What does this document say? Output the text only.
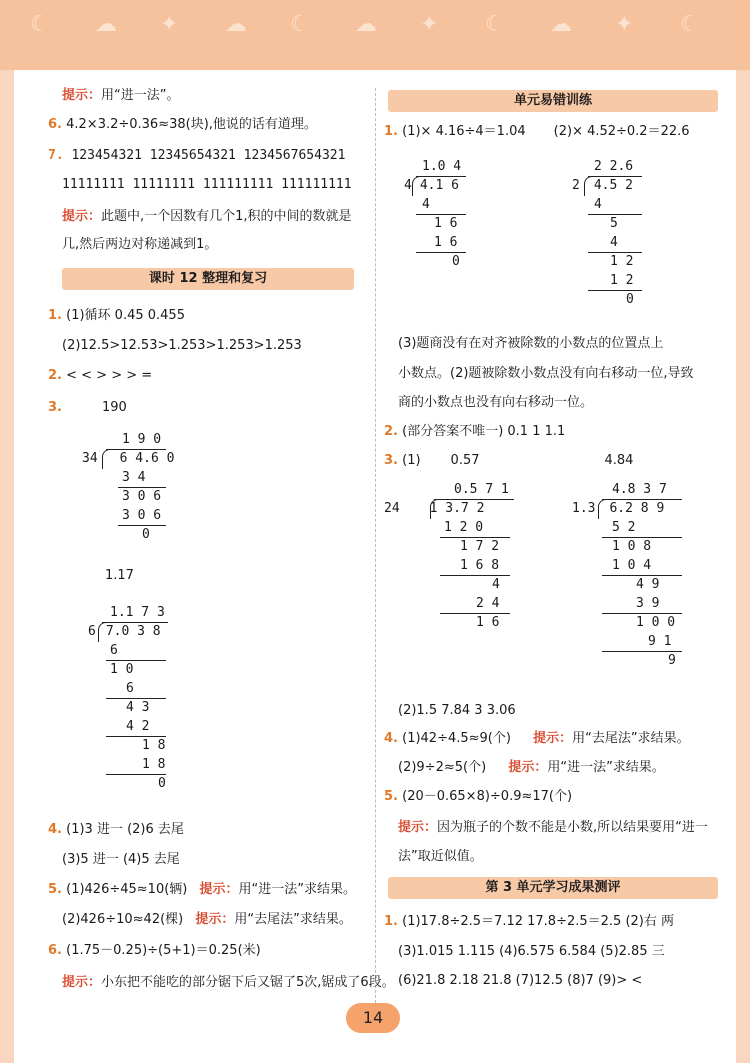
☾ ☁ ✦ ☁ ☾ ☁ ✦ ☾ ☁ ✦ ☾
提示：用“进一法”。
6. 4.2×3.2÷0.36≈38(块),他说的话有道理。
7. 123454321 12345654321 1234567654321
11111111 11111111 111111111 111111111
提示：此题中,一个因数有几个1,积的中间的数就是
几,然后两边对称递减到1。
课时 12 整理和复习
1. (1)循环 0.45 0.455
(2)12.5>12.53>1.253>1.253>1.253
2. < < > > > =
3.	190
1 9 0
34 6 4.6 0
3 4
3 0 6
3 0 6
0
1.17
1.1 7 3
6 7.0 3 8
6
1 0
6
4 3
4 2
1 8
1 8
0
4. (1)3 进一 (2)6 去尾
(3)5 进一 (4)5 去尾
5. (1)426÷45≈10(辆) 提示：用“进一法”求结果。
(2)426÷10≈42(棵) 提示：用“去尾法”求结果。
6. (1.75－0.25)÷(5+1)＝0.25(米)
提示：小东把不能吃的部分锯下后又锯了5次,锯成了6段。
单元易错训练
1. (1)× 4.16÷4＝1.04 (2)× 4.52÷0.2＝22.6
1.0 4
4 4.1 6
4
1 6
1 6
0
2 2.6
2 4.5 2
4
5
4
1 2
1 2
0
(3)题商没有在对齐被除数的小数点的位置点上
小数点。(2)题被除数小数点没有向右移动一位,导致
商的小数点也没有向右移动一位。
2. (部分答案不唯一) 0.1 1 1.1
3. (1) 0.57	4.84
0.5 7 1
24 1 3.7 2
1 2 0
1 7 2
1 6 8
4
2 4
1 6
4.8 3 7
1.3 6.2 8 9
5 2
1 0 8
1 0 4
4 9
3 9
1 0 0
9 1
9
(2)1.5 7.84 3 3.06
4. (1)42÷4.5≈9(个) 提示：用“去尾法”求结果。
(2)9÷2≈5(个) 提示：用“进一法”求结果。
5. (20－0.65×8)÷0.9≈17(个)
提示：因为瓶子的个数不能是小数,所以结果要用“进一
法”取近似值。
第 3 单元学习成果测评
1. (1)17.8÷2.5＝7.12 17.8÷2.5＝2.5 (2)右 两
(3)1.015 1.115 (4)6.575 6.584 (5)2.85 三
(6)21.8 2.18 21.8 (7)12.5 (8)7 (9)> <
14
